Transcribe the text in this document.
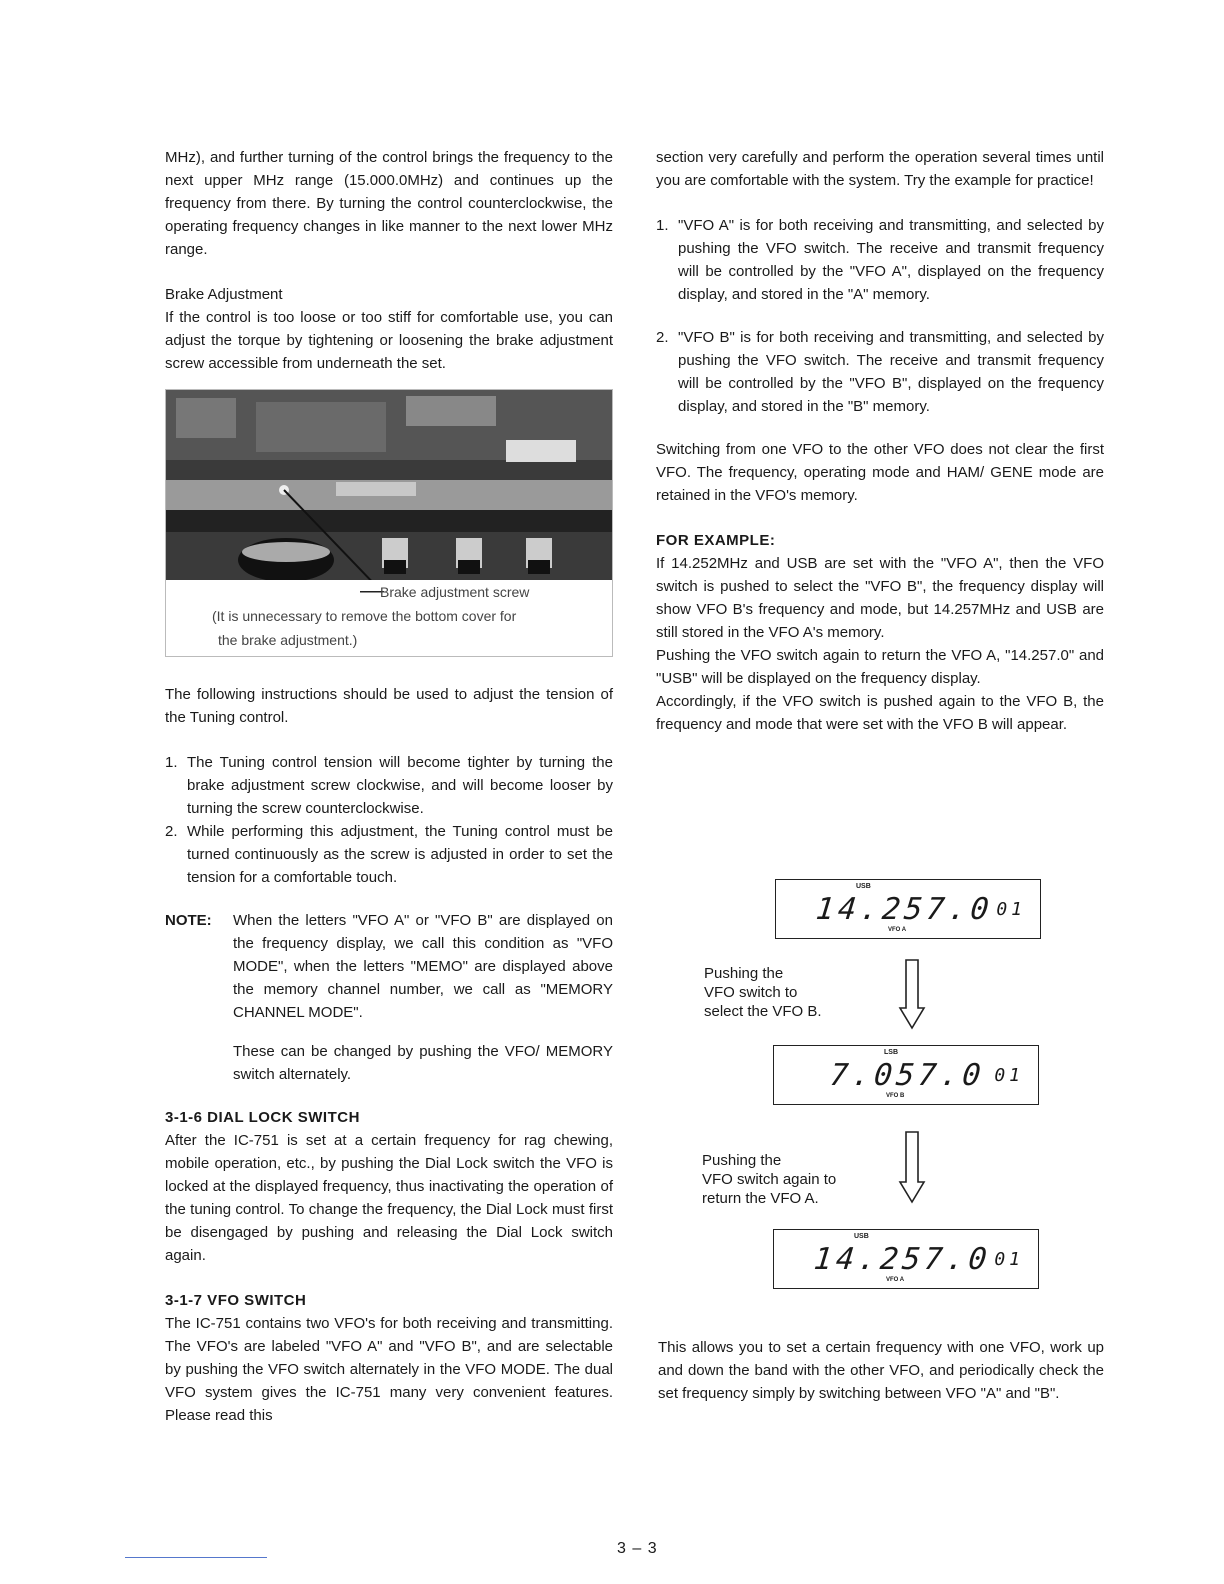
MHz), and further turning of the control brings the frequency to the next upper MHz range (15.000.0MHz) and continues up the frequency from there. By turning the control counterclockwise, the operating frequency changes in like manner to the next lower MHz range.

Brake Adjustment

If the control is too loose or too stiff for comfortable use, you can adjust the torque by tightening or loosening the brake adjustment screw accessible from underneath the set.

Brake adjustment screw
(It is unnecessary to remove the bottom cover for
the brake adjustment.)

The following instructions should be used to adjust the tension of the Tuning control.

1. The Tuning control tension will become tighter by turning the brake adjustment screw clockwise, and will become looser by turning the screw counterclockwise.
2. While performing this adjustment, the Tuning control must be turned continuously as the screw is adjusted in order to set the tension for a comfortable touch.
NOTE:	When the letters "VFO A" or "VFO B" are displayed on the frequency display, we call this condition as "VFO MODE", when the letters "MEMO" are displayed above the memory channel number, we call as "MEMORY CHANNEL MODE".
These can be changed by pushing the VFO/ MEMORY switch alternately.
3-1-6 DIAL LOCK SWITCH

After the IC-751 is set at a certain frequency for rag chewing, mobile operation, etc., by pushing the Dial Lock switch the VFO is locked at the displayed frequency, thus inactivating the operation of the tuning control. To change the frequency, the Dial Lock must first be disengaged by pushing and releasing the Dial Lock switch again.

3-1-7 VFO SWITCH

The IC-751 contains two VFO's for both receiving and transmitting. The VFO's are labeled "VFO A" and "VFO B", and are selectable by pushing the VFO switch alternately in the VFO MODE. The dual VFO system gives the IC-751 many very convenient features. Please read this

section very carefully and perform the operation several times until you are comfortable with the system. Try the example for practice!

1. "VFO A" is for both receiving and transmitting, and selected by pushing the VFO switch. The receive and transmit frequency will be controlled by the "VFO A", displayed on the frequency display, and stored in the "A" memory.
2. "VFO B" is for both receiving and transmitting, and selected by pushing the VFO switch. The receive and transmit frequency will be controlled by the "VFO B", displayed on the frequency display, and stored in the "B" memory.

Switching from one VFO to the other VFO does not clear the first VFO. The frequency, operating mode and HAM/ GENE mode are retained in the VFO's memory.

FOR EXAMPLE:

If 14.252MHz and USB are set with the "VFO A", then the VFO switch is pushed to select the "VFO B", the frequency display will show VFO B's frequency and mode, but 14.257MHz and USB are still stored in the VFO A's memory.

Pushing the VFO switch again to return the VFO A, "14.257.0" and "USB" will be displayed on the frequency display.

Accordingly, if the VFO switch is pushed again to the VFO B, the frequency and mode that were set with the VFO B will appear.

USB
14.257.0
VFO A
01
Pushing the
VFO switch to
select the VFO B.
LSB
7.057.0
VFO B
01
Pushing the
VFO switch again to
return the VFO A.
USB
14.257.0
VFO A
01

This allows you to set a certain frequency with one VFO, work up and down the band with the other VFO, and periodically check the set frequency simply by switching between VFO "A" and "B".

3 – 3
